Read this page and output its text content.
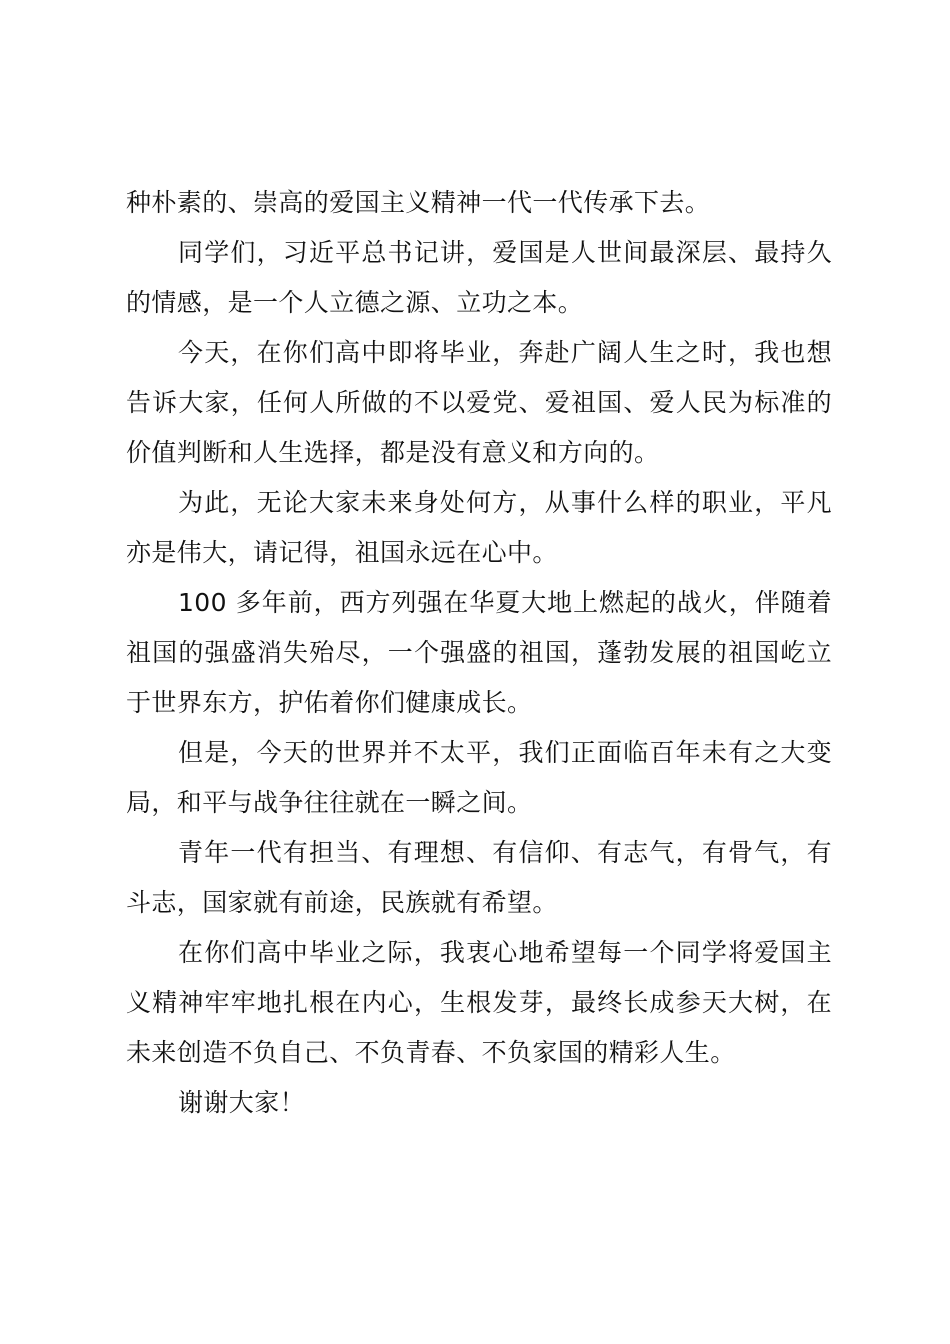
种朴素的、崇高的爱国主义精神一代一代传承下去。

同学们，习近平总书记讲，爱国是人世间最深层、最持久的情感，是一个人立德之源、立功之本。

今天，在你们高中即将毕业，奔赴广阔人生之时，我也想告诉大家，任何人所做的不以爱党、爱祖国、爱人民为标准的价值判断和人生选择，都是没有意义和方向的。

为此，无论大家未来身处何方，从事什么样的职业，平凡亦是伟大，请记得，祖国永远在心中。

100 多年前，西方列强在华夏大地上燃起的战火，伴随着祖国的强盛消失殆尽，一个强盛的祖国，蓬勃发展的祖国屹立于世界东方，护佑着你们健康成长。

但是，今天的世界并不太平，我们正面临百年未有之大变局，和平与战争往往就在一瞬之间。

青年一代有担当、有理想、有信仰、有志气，有骨气，有斗志，国家就有前途，民族就有希望。

在你们高中毕业之际，我衷心地希望每一个同学将爱国主义精神牢牢地扎根在内心，生根发芽，最终长成参天大树，在未来创造不负自己、不负青春、不负家国的精彩人生。

谢谢大家！
